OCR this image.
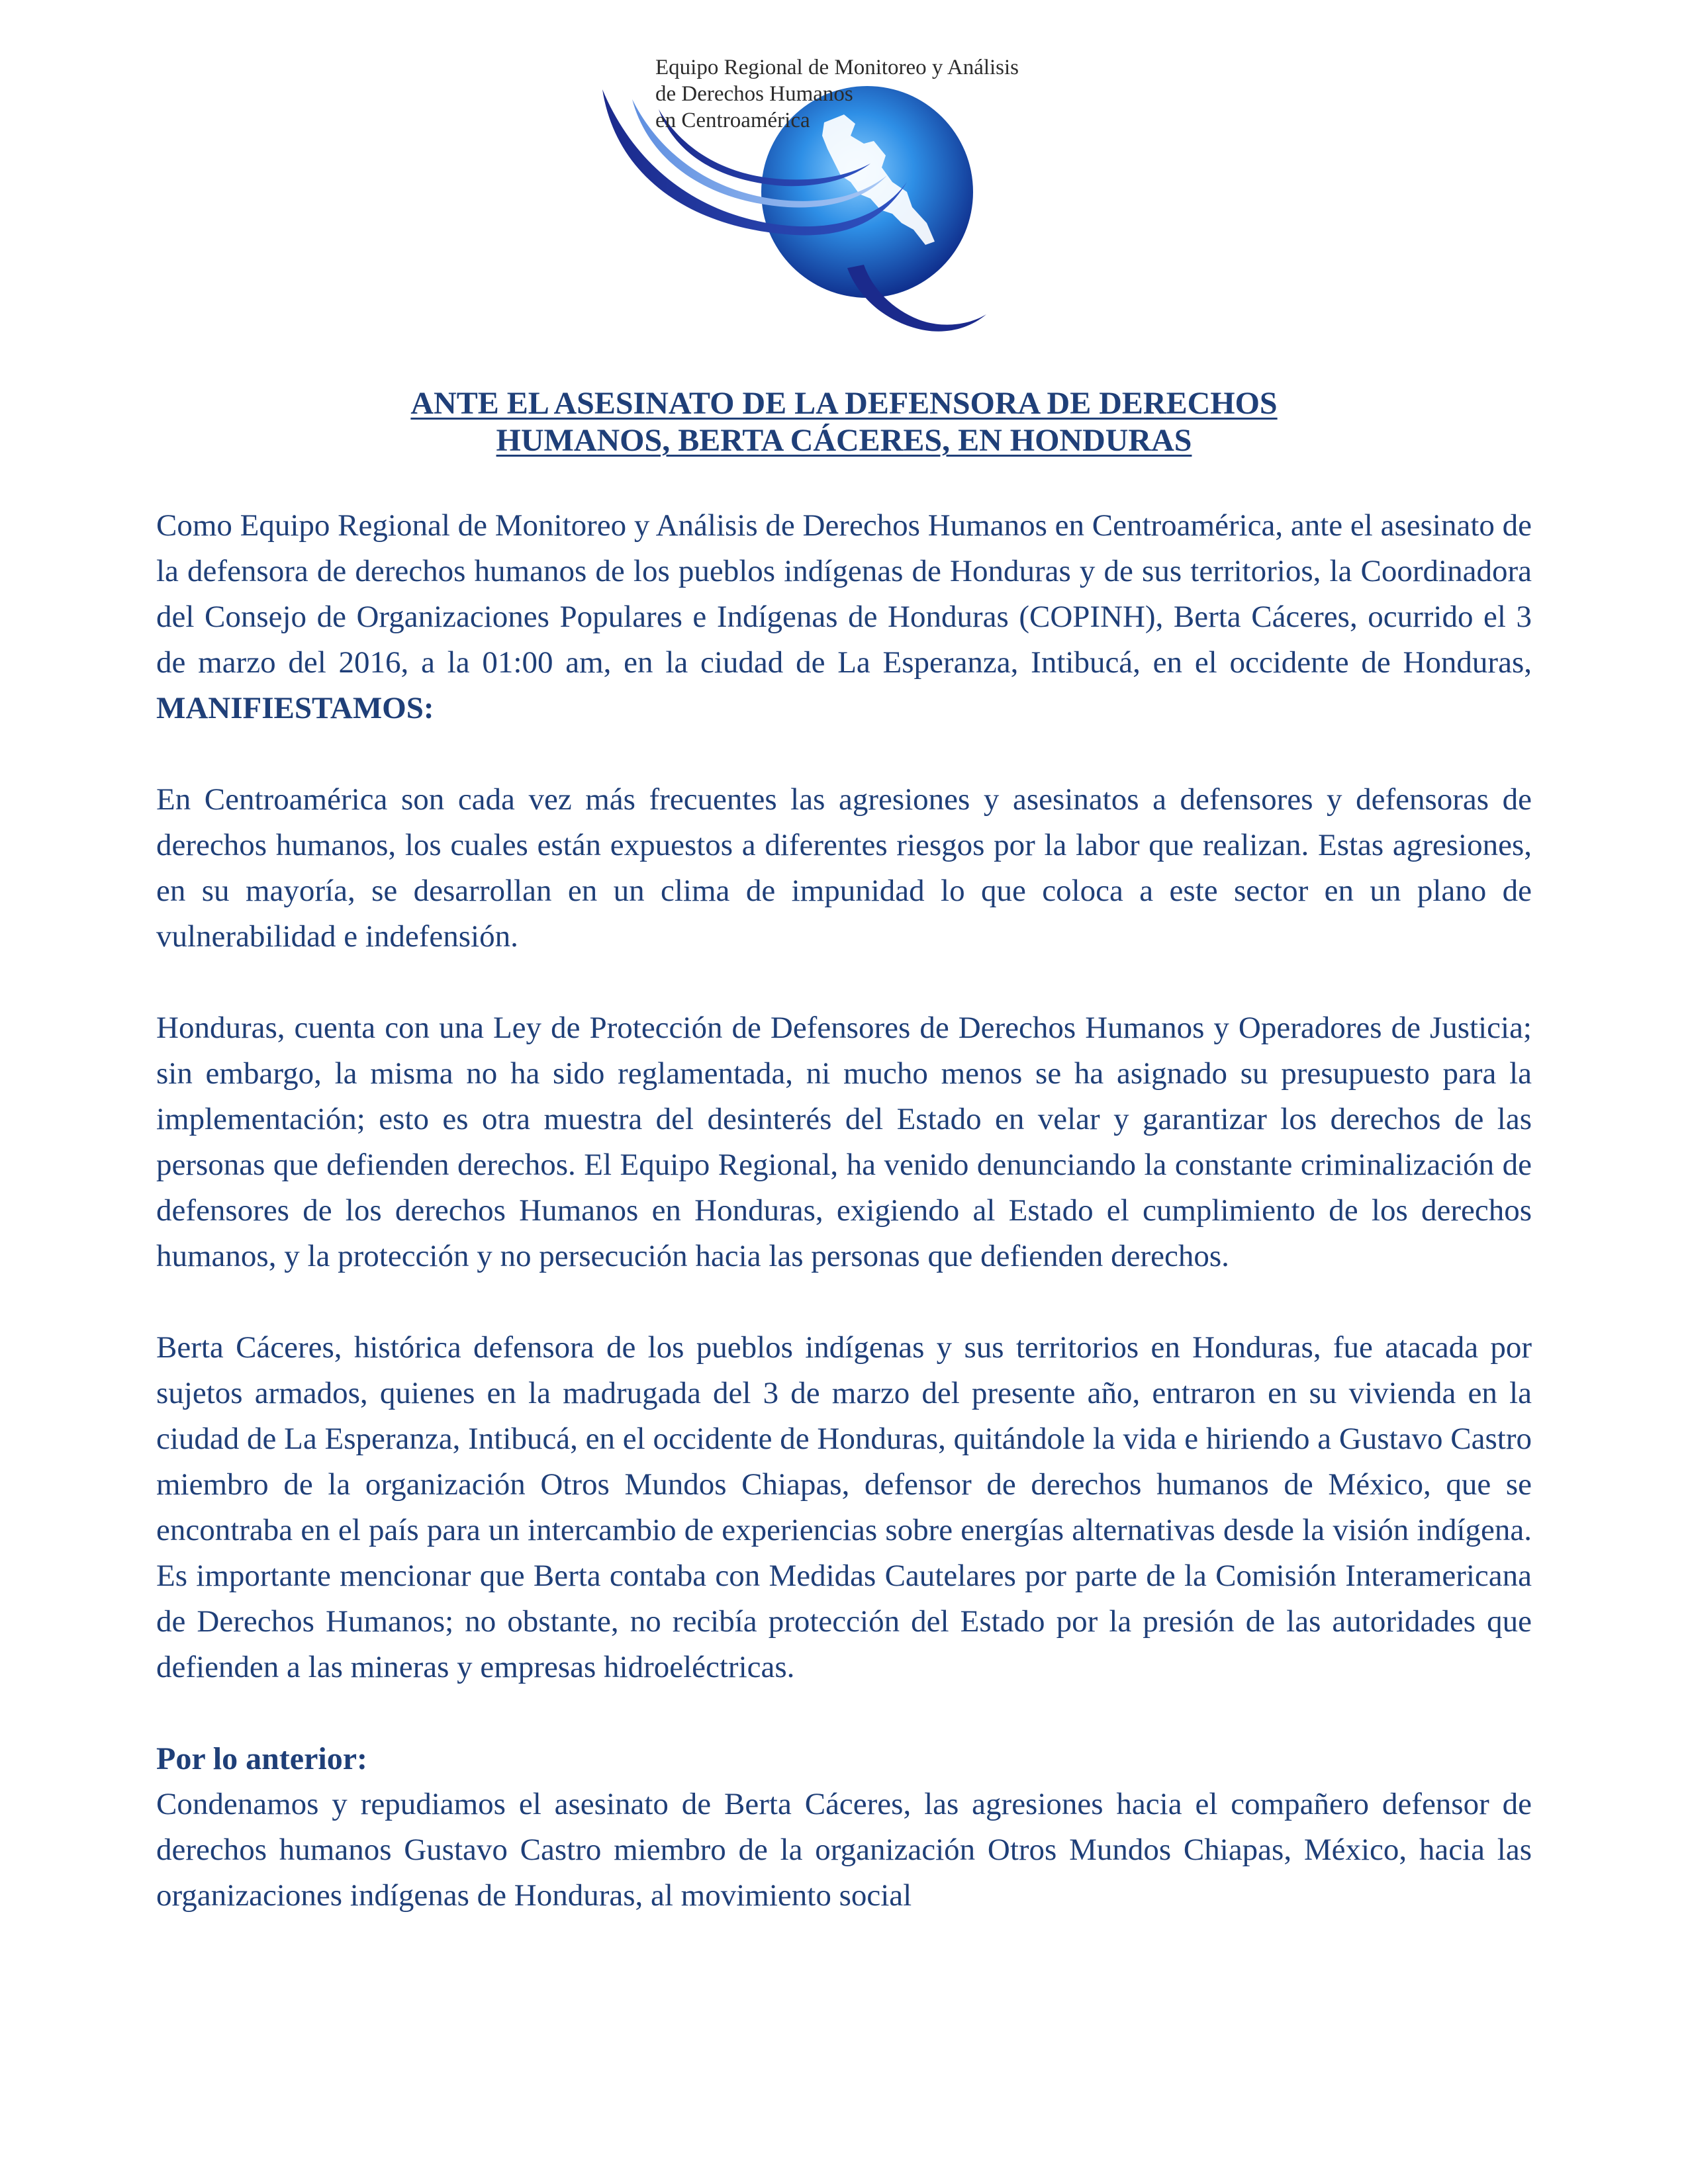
Equipo Regional de Monitoreo y Análisis
de Derechos Humanos
en Centroamérica
ANTE EL ASESINATO DE LA DEFENSORA DE DERECHOS
HUMANOS, BERTA CÁCERES, EN HONDURAS

Como Equipo Regional de Monitoreo y Análisis de Derechos Humanos en Centroamérica, ante el asesinato de la defensora de derechos humanos de los pueblos indígenas de Honduras y de sus territorios, la Coordinadora del Consejo de Organizaciones Populares e Indígenas de Honduras (COPINH), Berta Cáceres, ocurrido el 3 de marzo del 2016, a la 01:00 am, en la ciudad de La Esperanza, Intibucá, en el occidente de Honduras, MANIFIESTAMOS:

En Centroamérica son cada vez más frecuentes las agresiones y asesinatos a defensores y defensoras de derechos humanos, los cuales están expuestos a diferentes riesgos por la labor que realizan. Estas agresiones, en su mayoría, se desarrollan en un clima de impunidad lo que coloca a este sector en un plano de vulnerabilidad e indefensión.

Honduras, cuenta con una Ley de Protección de Defensores de Derechos Humanos y Operadores de Justicia; sin embargo, la misma no ha sido reglamentada, ni mucho menos se ha asignado su presupuesto para la implementación; esto es otra muestra del desinterés del Estado en velar y garantizar los derechos de las personas que defienden derechos. El Equipo Regional, ha venido denunciando la constante criminalización de defensores de los derechos Humanos en Honduras, exigiendo al Estado el cumplimiento de los derechos humanos, y la protección y no persecución hacia las personas que defienden derechos.

Berta Cáceres, histórica defensora de los pueblos indígenas y sus territorios en Honduras, fue atacada por sujetos armados, quienes en la madrugada del 3 de marzo del presente año, entraron en su vivienda en la ciudad de La Esperanza, Intibucá, en el occidente de Honduras, quitándole la vida e hiriendo a Gustavo Castro miembro de la organización Otros Mundos Chiapas, defensor de derechos humanos de México, que se encontraba en el país para un intercambio de experiencias sobre energías alternativas desde la visión indígena. Es importante mencionar que Berta contaba con Medidas Cautelares por parte de la Comisión Interamericana de Derechos Humanos; no obstante, no recibía protección del Estado por la presión de las autoridades que defienden a las mineras y empresas hidroeléctricas.

Por lo anterior:

Condenamos y repudiamos el asesinato de Berta Cáceres, las agresiones hacia el compañero defensor de derechos humanos Gustavo Castro miembro de la organización Otros Mundos Chiapas, México, hacia las organizaciones indígenas de Honduras, al movimiento social
